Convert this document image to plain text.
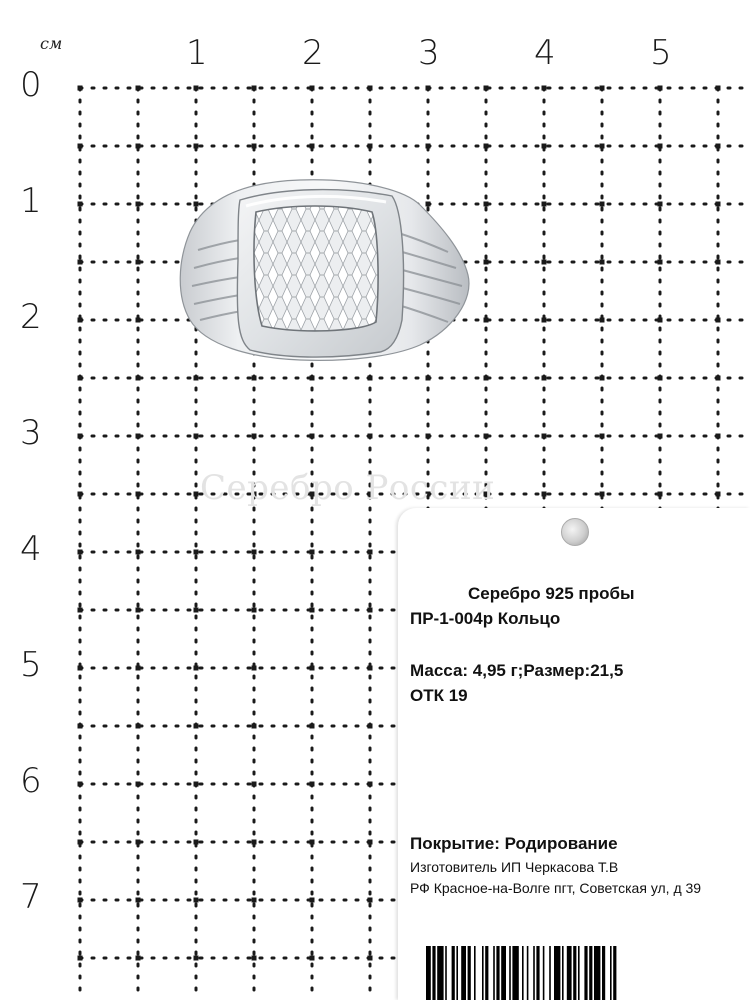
см	1	2	3	4	5
0
1
2
3
4
5
6
7
Серебро России
Серебро 925 пробы
ПР-1-004р Кольцо
Масса: 4,95 г;Размер:21,5
ОТК 19
Покрытие: Родирование
Изготовитель ИП Черкасова Т.В
РФ Красное-на-Волге пгт, Советская ул, д 39
